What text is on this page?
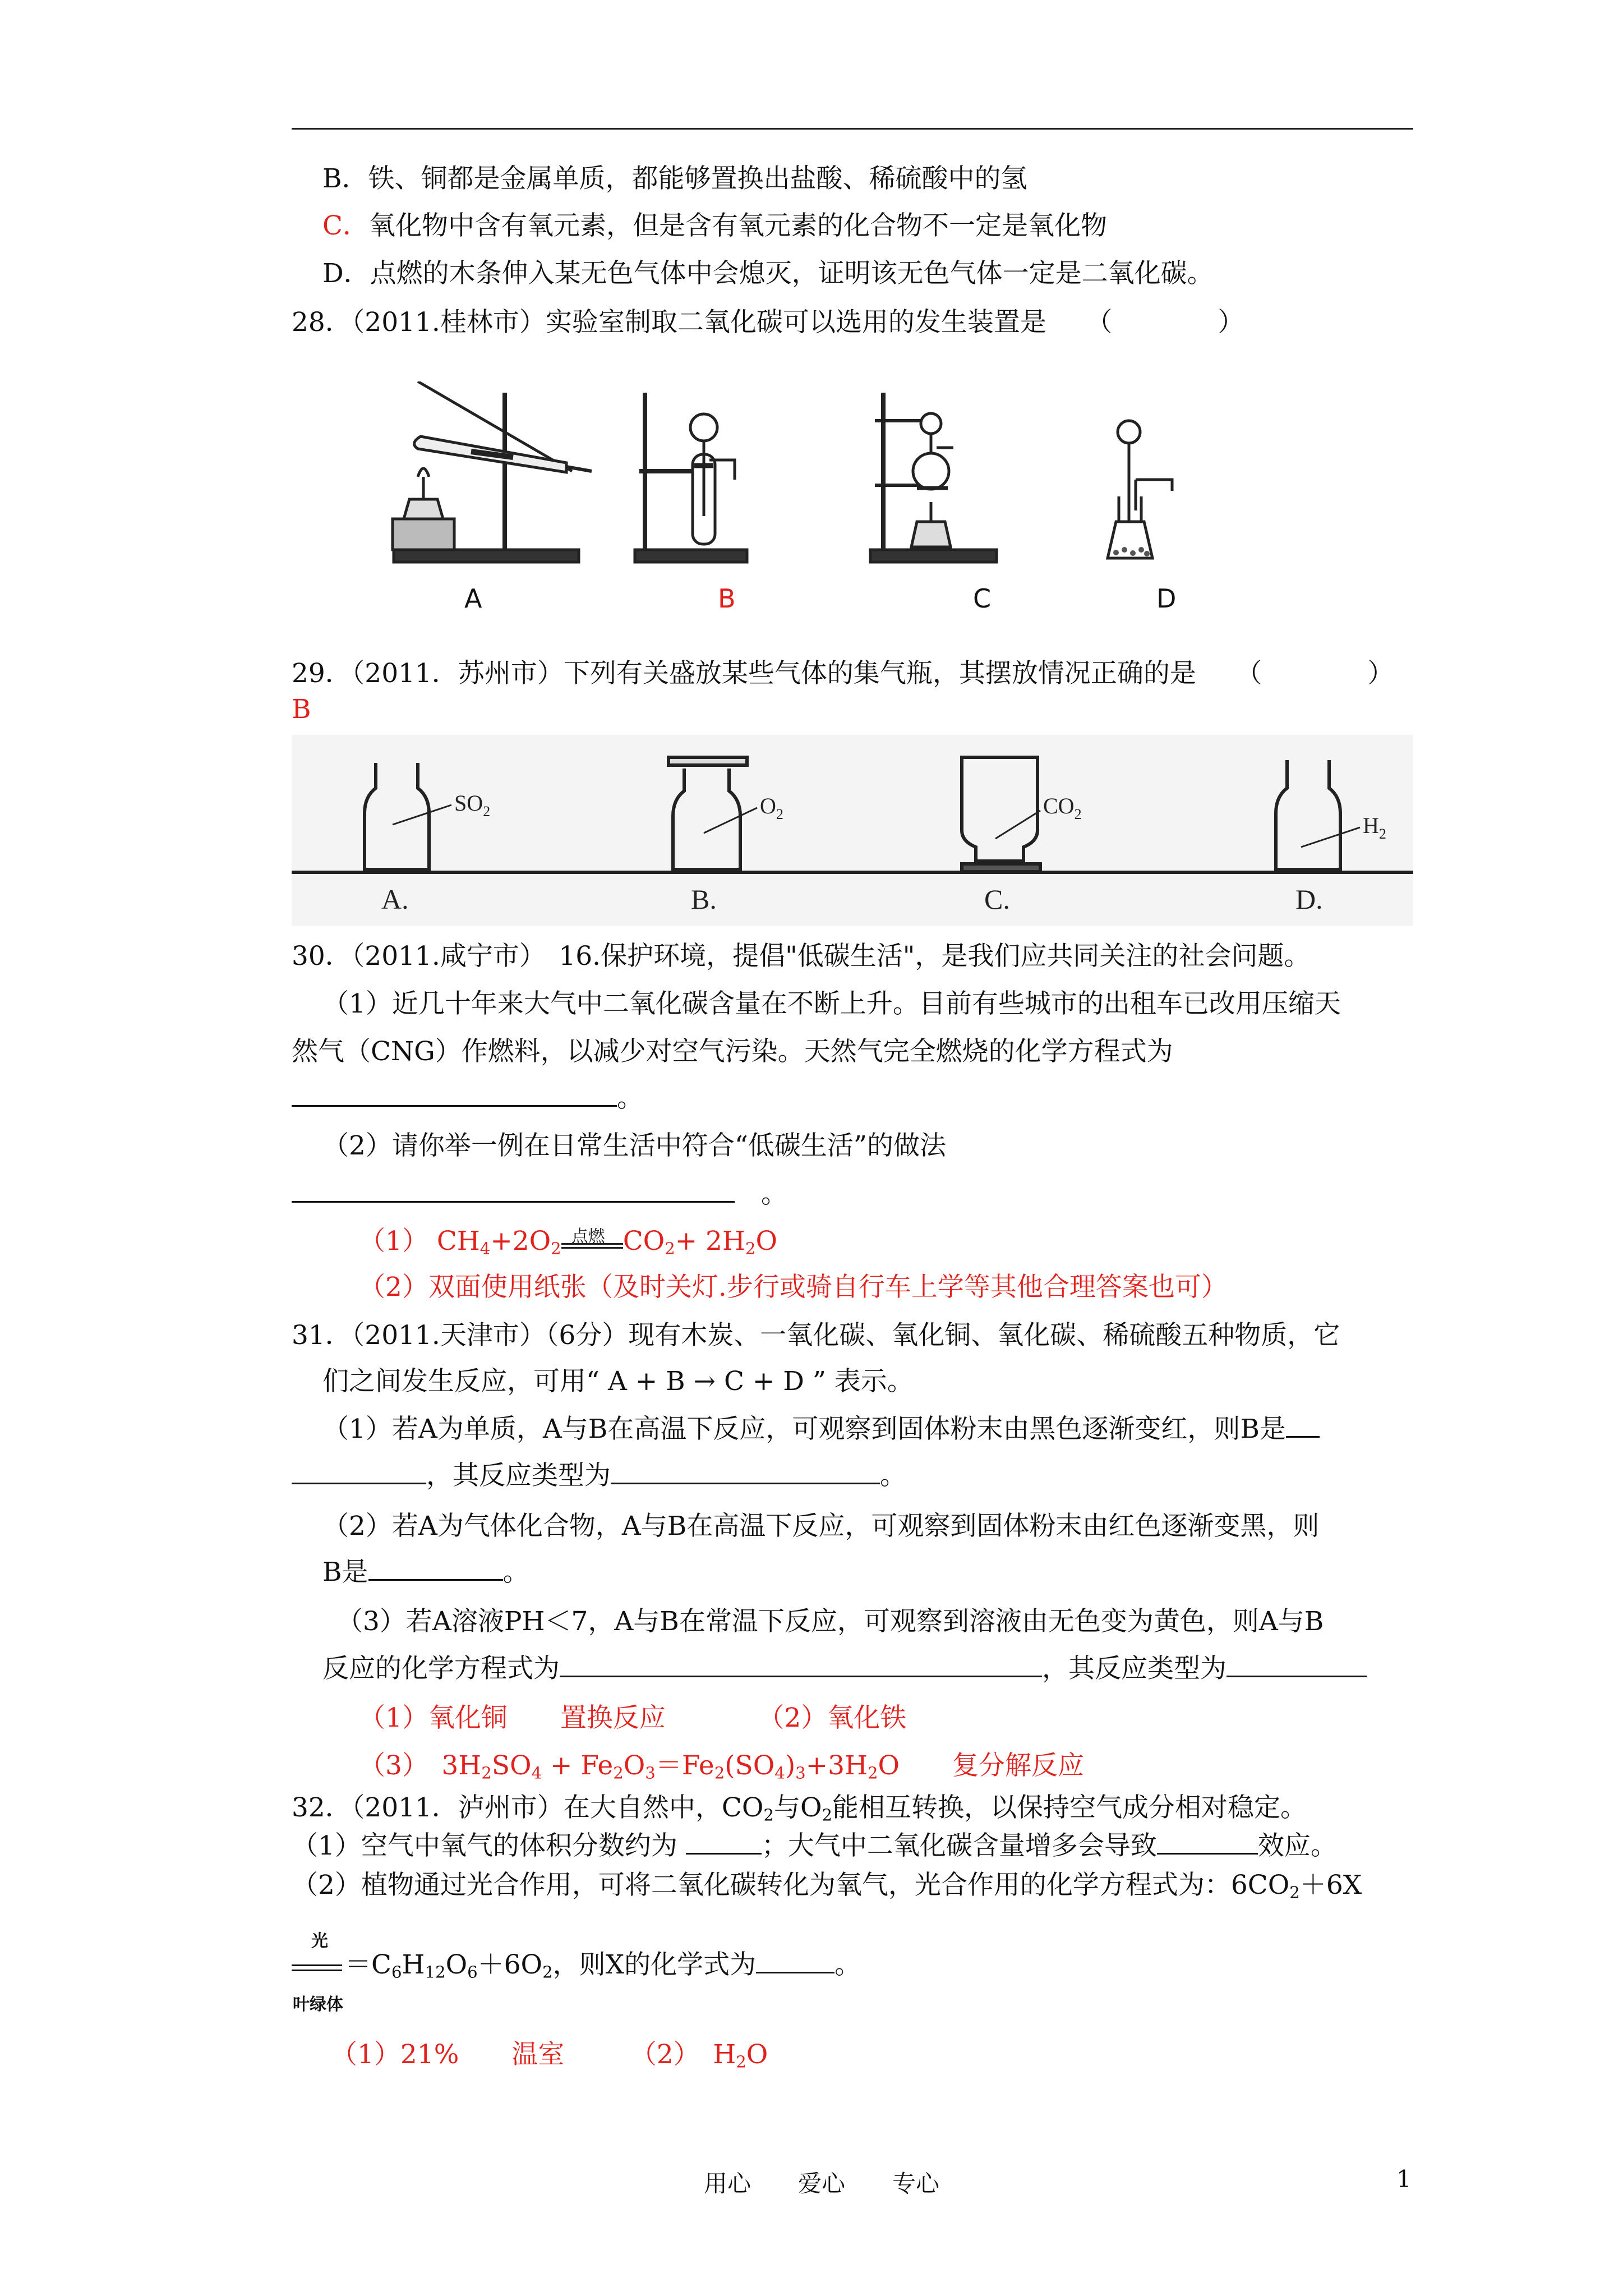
B．铁、铜都是金属单质，都能够置换出盐酸、稀硫酸中的氢
C．氧化物中含有氧元素，但是含有氧元素的化合物不一定是氧化物
D．点燃的木条伸入某无色气体中会熄灭，证明该无色气体一定是二氧化碳。
28．（2011.桂林市）实验室制取二氧化碳可以选用的发生装置是　　 （　　　　）
A	B	C	D
29．（2011．苏州市）下列有关盛放某些气体的集气瓶，其摆放情况正确的是　　 （　　　　）
B
$SO_2$	$O_2$	$CO_2$	$H_2$
A.	B.	C.	D.
30．（2011.咸宁市）　16.保护环境，提倡"低碳生活"，是我们应共同关注的社会问题。
（1）近几十年来大气中二氧化碳含量在不断上升。目前有些城市的出租车已改用压缩天
然气（CNG）作燃料，以减少对空气污染。天然气完全燃烧的化学方程式为
。
（2）请你举一例在日常生活中符合“低碳生活”的做法
　。
（1） $CH_4+2O_2$
点燃 $CO_2+ 2H_2O$
（2）双面使用纸张（及时关灯.步行或骑自行车上学等其他合理答案也可）
31．（2011.天津市）（6分）现有木炭、一氧化碳、氧化铜、氧化碳、稀硫酸五种物质，它
们之间发生反应，可用“ A + B → C + D ” 表示。
（1）若A为单质，A与B在高温下反应，可观察到固体粉末由黑色逐渐变红，则B是
，其反应类型为	。
（2）若A为气体化合物，A与B在高温下反应，可观察到固体粉末由红色逐渐变黑，则
B是	。
（3）若A溶液PH＜7，A与B在常温下反应，可观察到溶液由无色变为黄色，则A与B
反应的化学方程式为	，其反应类型为
（1）氧化铜　　置换反应　　　　	（2）氧化铁
（3）　$3H_2SO_4 + Fe_2O_3=Fe_2(SO_4)_3+3H_2O$　　复分解反应
32．（2011．泸州市）在大自然中，$CO_2$与$O_2$能相互转换，以保持空气成分相对稳定。
（1）空气中氧气的体积分数约为	；大气中二氧化碳含量增多会导致	效应。
（2）植物通过光合作用，可将二氧化碳转化为氧气，光合作用的化学方程式为：$6CO_2+6X$
光
叶绿体
$=C_6H_{12}O_6+6O_2$，则X的化学式为	。
（1）21%　　温室　　　（2）　$H_2O$
用心　　爱心　　专心	1
